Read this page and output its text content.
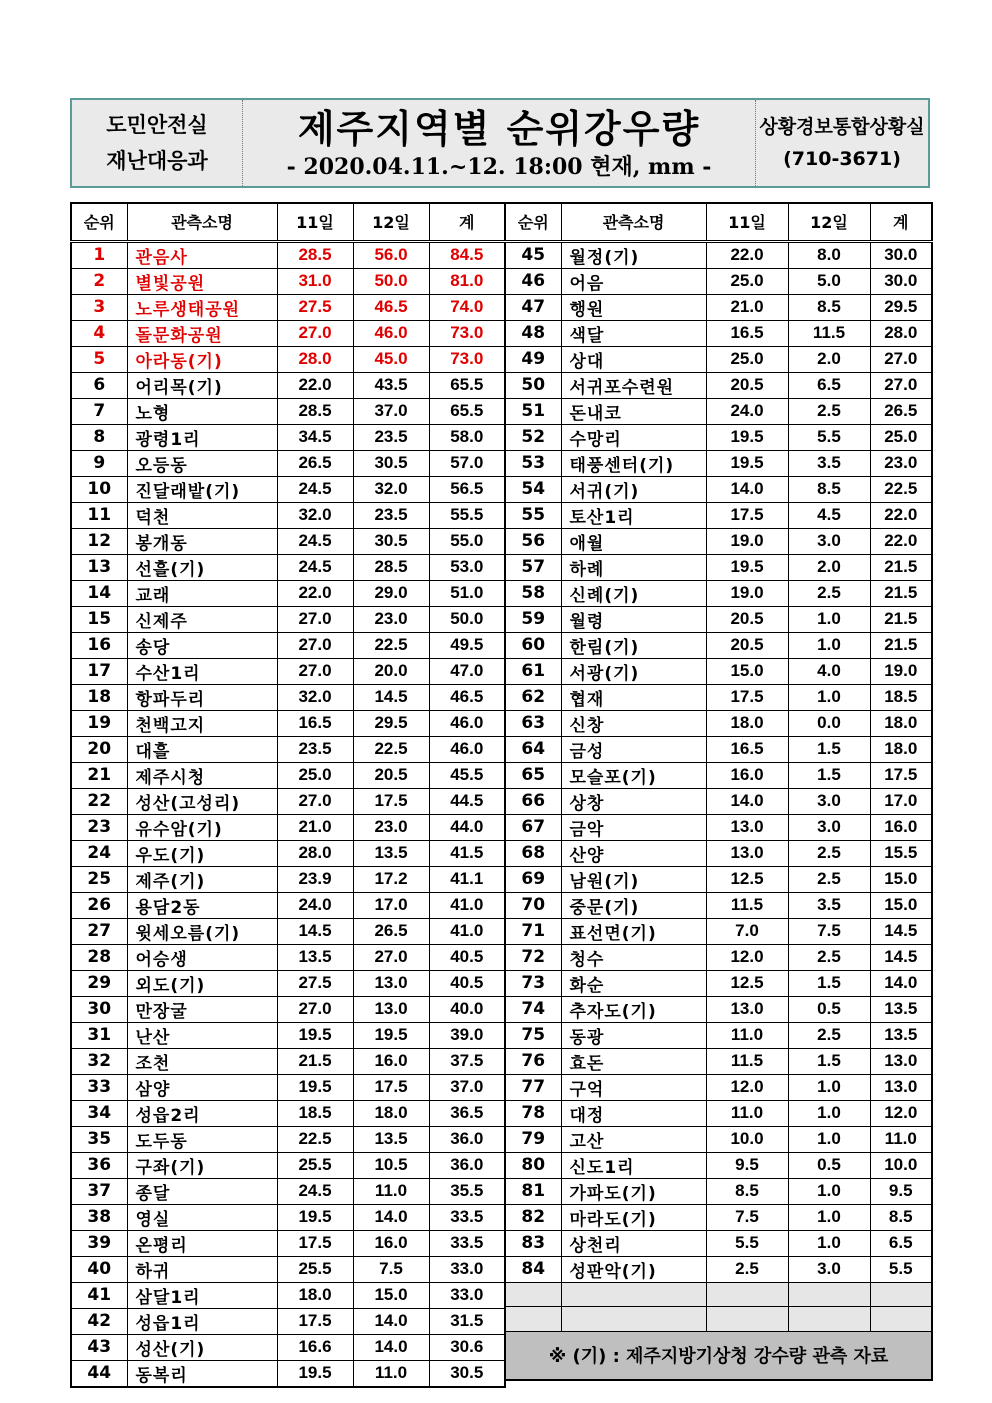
도민안전실
재난대응과
제주지역별 순위강우량
- 2020.04.11.~12. 18:00 현재, mm -
상황경보통합상황실
(710-3671)
순위	관측소명	11일	12일	계
1	관음사	28.5	56.0	84.5
2	별빛공원	31.0	50.0	81.0
3	노루생태공원	27.5	46.5	74.0
4	돌문화공원	27.0	46.0	73.0
5	아라동(기)	28.0	45.0	73.0
6	어리목(기)	22.0	43.5	65.5
7	노형	28.5	37.0	65.5
8	광령1리	34.5	23.5	58.0
9	오등동	26.5	30.5	57.0
10	진달래밭(기)	24.5	32.0	56.5
11	덕천	32.0	23.5	55.5
12	봉개동	24.5	30.5	55.0
13	선흘(기)	24.5	28.5	53.0
14	교래	22.0	29.0	51.0
15	신제주	27.0	23.0	50.0
16	송당	27.0	22.5	49.5
17	수산1리	27.0	20.0	47.0
18	항파두리	32.0	14.5	46.5
19	천백고지	16.5	29.5	46.0
20	대흘	23.5	22.5	46.0
21	제주시청	25.0	20.5	45.5
22	성산(고성리)	27.0	17.5	44.5
23	유수암(기)	21.0	23.0	44.0
24	우도(기)	28.0	13.5	41.5
25	제주(기)	23.9	17.2	41.1
26	용담2동	24.0	17.0	41.0
27	윗세오름(기)	14.5	26.5	41.0
28	어승생	13.5	27.0	40.5
29	외도(기)	27.5	13.0	40.5
30	만장굴	27.0	13.0	40.0
31	난산	19.5	19.5	39.0
32	조천	21.5	16.0	37.5
33	삼양	19.5	17.5	37.0
34	성읍2리	18.5	18.0	36.5
35	도두동	22.5	13.5	36.0
36	구좌(기)	25.5	10.5	36.0
37	종달	24.5	11.0	35.5
38	영실	19.5	14.0	33.5
39	온평리	17.5	16.0	33.5
40	하귀	25.5	7.5	33.0
41	삼달1리	18.0	15.0	33.0
42	성읍1리	17.5	14.0	31.5
43	성산(기)	16.6	14.0	30.6
44	동복리	19.5	11.0	30.5
순위	관측소명	11일	12일	계
45	월정(기)	22.0	8.0	30.0
46	어음	25.0	5.0	30.0
47	행원	21.0	8.5	29.5
48	색달	16.5	11.5	28.0
49	상대	25.0	2.0	27.0
50	서귀포수련원	20.5	6.5	27.0
51	돈내코	24.0	2.5	26.5
52	수망리	19.5	5.5	25.0
53	태풍센터(기)	19.5	3.5	23.0
54	서귀(기)	14.0	8.5	22.5
55	토산1리	17.5	4.5	22.0
56	애월	19.0	3.0	22.0
57	하례	19.5	2.0	21.5
58	신례(기)	19.0	2.5	21.5
59	월령	20.5	1.0	21.5
60	한림(기)	20.5	1.0	21.5
61	서광(기)	15.0	4.0	19.0
62	협재	17.5	1.0	18.5
63	신창	18.0	0.0	18.0
64	금성	16.5	1.5	18.0
65	모슬포(기)	16.0	1.5	17.5
66	상창	14.0	3.0	17.0
67	금악	13.0	3.0	16.0
68	산양	13.0	2.5	15.5
69	남원(기)	12.5	2.5	15.0
70	중문(기)	11.5	3.5	15.0
71	표선면(기)	7.0	7.5	14.5
72	청수	12.0	2.5	14.5
73	화순	12.5	1.5	14.0
74	추자도(기)	13.0	0.5	13.5
75	동광	11.0	2.5	13.5
76	효돈	11.5	1.5	13.0
77	구억	12.0	1.0	13.0
78	대정	11.0	1.0	12.0
79	고산	10.0	1.0	11.0
80	신도1리	9.5	0.5	10.0
81	가파도(기)	8.5	1.0	9.5
82	마라도(기)	7.5	1.0	8.5
83	상천리	5.5	1.0	6.5
84	성판악(기)	2.5	3.0	5.5

※ (기) : 제주지방기상청 강수량 관측 자료				
